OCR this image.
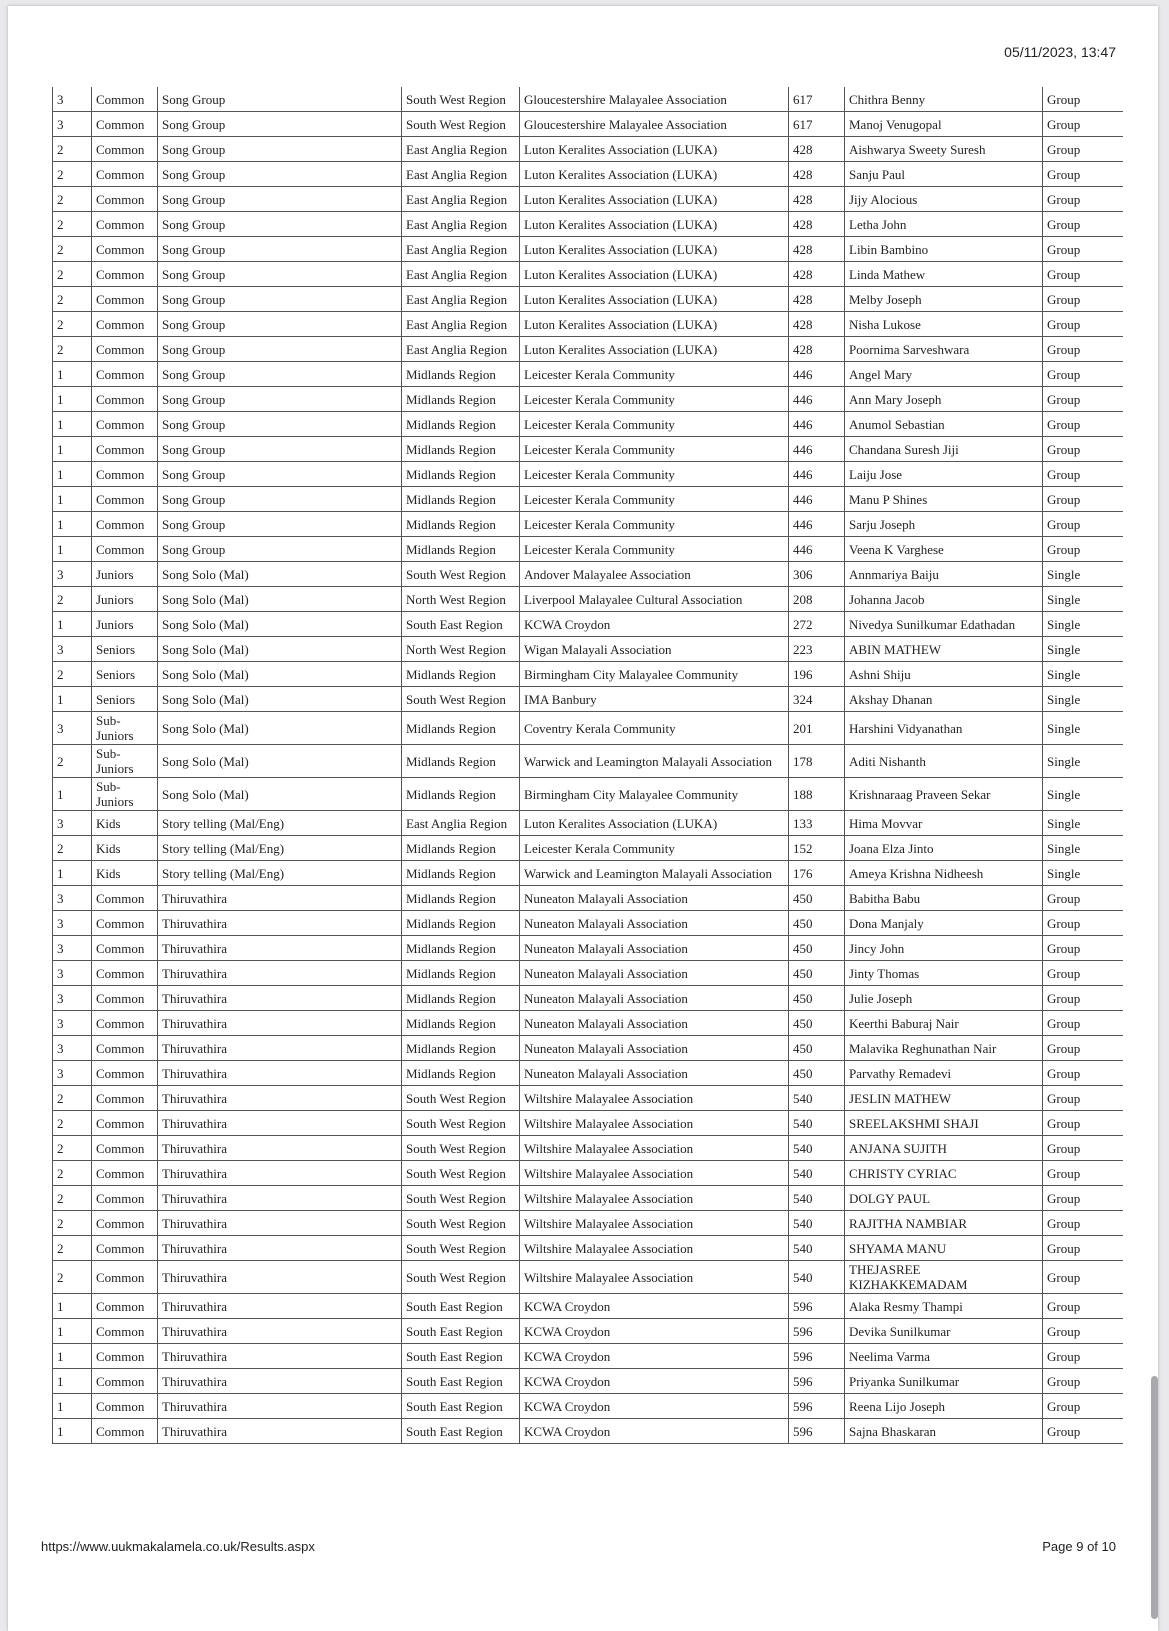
05/11/2023, 13:47
3	Common	Song Group	South West Region	Gloucestershire Malayalee Association	617	Chithra Benny	Group
3	Common	Song Group	South West Region	Gloucestershire Malayalee Association	617	Manoj Venugopal	Group
2	Common	Song Group	East Anglia Region	Luton Keralites Association (LUKA)	428	Aishwarya Sweety Suresh	Group
2	Common	Song Group	East Anglia Region	Luton Keralites Association (LUKA)	428	Sanju Paul	Group
2	Common	Song Group	East Anglia Region	Luton Keralites Association (LUKA)	428	Jijy Alocious	Group
2	Common	Song Group	East Anglia Region	Luton Keralites Association (LUKA)	428	Letha John	Group
2	Common	Song Group	East Anglia Region	Luton Keralites Association (LUKA)	428	Libin Bambino	Group
2	Common	Song Group	East Anglia Region	Luton Keralites Association (LUKA)	428	Linda Mathew	Group
2	Common	Song Group	East Anglia Region	Luton Keralites Association (LUKA)	428	Melby Joseph	Group
2	Common	Song Group	East Anglia Region	Luton Keralites Association (LUKA)	428	Nisha Lukose	Group
2	Common	Song Group	East Anglia Region	Luton Keralites Association (LUKA)	428	Poornima Sarveshwara	Group
1	Common	Song Group	Midlands Region	Leicester Kerala Community	446	Angel Mary	Group
1	Common	Song Group	Midlands Region	Leicester Kerala Community	446	Ann Mary Joseph	Group
1	Common	Song Group	Midlands Region	Leicester Kerala Community	446	Anumol Sebastian	Group
1	Common	Song Group	Midlands Region	Leicester Kerala Community	446	Chandana Suresh Jiji	Group
1	Common	Song Group	Midlands Region	Leicester Kerala Community	446	Laiju Jose	Group
1	Common	Song Group	Midlands Region	Leicester Kerala Community	446	Manu P Shines	Group
1	Common	Song Group	Midlands Region	Leicester Kerala Community	446	Sarju Joseph	Group
1	Common	Song Group	Midlands Region	Leicester Kerala Community	446	Veena K Varghese	Group
3	Juniors	Song Solo (Mal)	South West Region	Andover Malayalee Association	306	Annmariya Baiju	Single
2	Juniors	Song Solo (Mal)	North West Region	Liverpool Malayalee Cultural Association	208	Johanna Jacob	Single
1	Juniors	Song Solo (Mal)	South East Region	KCWA Croydon	272	Nivedya Sunilkumar Edathadan	Single
3	Seniors	Song Solo (Mal)	North West Region	Wigan Malayali Association	223	ABIN MATHEW	Single
2	Seniors	Song Solo (Mal)	Midlands Region	Birmingham City Malayalee Community	196	Ashni Shiju	Single
1	Seniors	Song Solo (Mal)	South West Region	IMA Banbury	324	Akshay Dhanan	Single
3	Sub-Juniors	Song Solo (Mal)	Midlands Region	Coventry Kerala Community	201	Harshini Vidyanathan	Single
2	Sub-Juniors	Song Solo (Mal)	Midlands Region	Warwick and Leamington Malayali Association	178	Aditi Nishanth	Single
1	Sub-Juniors	Song Solo (Mal)	Midlands Region	Birmingham City Malayalee Community	188	Krishnaraag Praveen Sekar	Single
3	Kids	Story telling (Mal/Eng)	East Anglia Region	Luton Keralites Association (LUKA)	133	Hima Movvar	Single
2	Kids	Story telling (Mal/Eng)	Midlands Region	Leicester Kerala Community	152	Joana Elza Jinto	Single
1	Kids	Story telling (Mal/Eng)	Midlands Region	Warwick and Leamington Malayali Association	176	Ameya Krishna Nidheesh	Single
3	Common	Thiruvathira	Midlands Region	Nuneaton Malayali Association	450	Babitha Babu	Group
3	Common	Thiruvathira	Midlands Region	Nuneaton Malayali Association	450	Dona Manjaly	Group
3	Common	Thiruvathira	Midlands Region	Nuneaton Malayali Association	450	Jincy John	Group
3	Common	Thiruvathira	Midlands Region	Nuneaton Malayali Association	450	Jinty Thomas	Group
3	Common	Thiruvathira	Midlands Region	Nuneaton Malayali Association	450	Julie Joseph	Group
3	Common	Thiruvathira	Midlands Region	Nuneaton Malayali Association	450	Keerthi Baburaj Nair	Group
3	Common	Thiruvathira	Midlands Region	Nuneaton Malayali Association	450	Malavika Reghunathan Nair	Group
3	Common	Thiruvathira	Midlands Region	Nuneaton Malayali Association	450	Parvathy Remadevi	Group
2	Common	Thiruvathira	South West Region	Wiltshire Malayalee Association	540	JESLIN MATHEW	Group
2	Common	Thiruvathira	South West Region	Wiltshire Malayalee Association	540	SREELAKSHMI SHAJI	Group
2	Common	Thiruvathira	South West Region	Wiltshire Malayalee Association	540	ANJANA SUJITH	Group
2	Common	Thiruvathira	South West Region	Wiltshire Malayalee Association	540	CHRISTY CYRIAC	Group
2	Common	Thiruvathira	South West Region	Wiltshire Malayalee Association	540	DOLGY PAUL	Group
2	Common	Thiruvathira	South West Region	Wiltshire Malayalee Association	540	RAJITHA NAMBIAR	Group
2	Common	Thiruvathira	South West Region	Wiltshire Malayalee Association	540	SHYAMA MANU	Group
2	Common	Thiruvathira	South West Region	Wiltshire Malayalee Association	540	THEJASREE KIZHAKKEMADAM	Group
1	Common	Thiruvathira	South East Region	KCWA Croydon	596	Alaka Resmy Thampi	Group
1	Common	Thiruvathira	South East Region	KCWA Croydon	596	Devika Sunilkumar	Group
1	Common	Thiruvathira	South East Region	KCWA Croydon	596	Neelima Varma	Group
1	Common	Thiruvathira	South East Region	KCWA Croydon	596	Priyanka Sunilkumar	Group
1	Common	Thiruvathira	South East Region	KCWA Croydon	596	Reena Lijo Joseph	Group
1	Common	Thiruvathira	South East Region	KCWA Croydon	596	Sajna Bhaskaran	Group
https://www.uukmakalamela.co.uk/Results.aspx	Page 9 of 10
